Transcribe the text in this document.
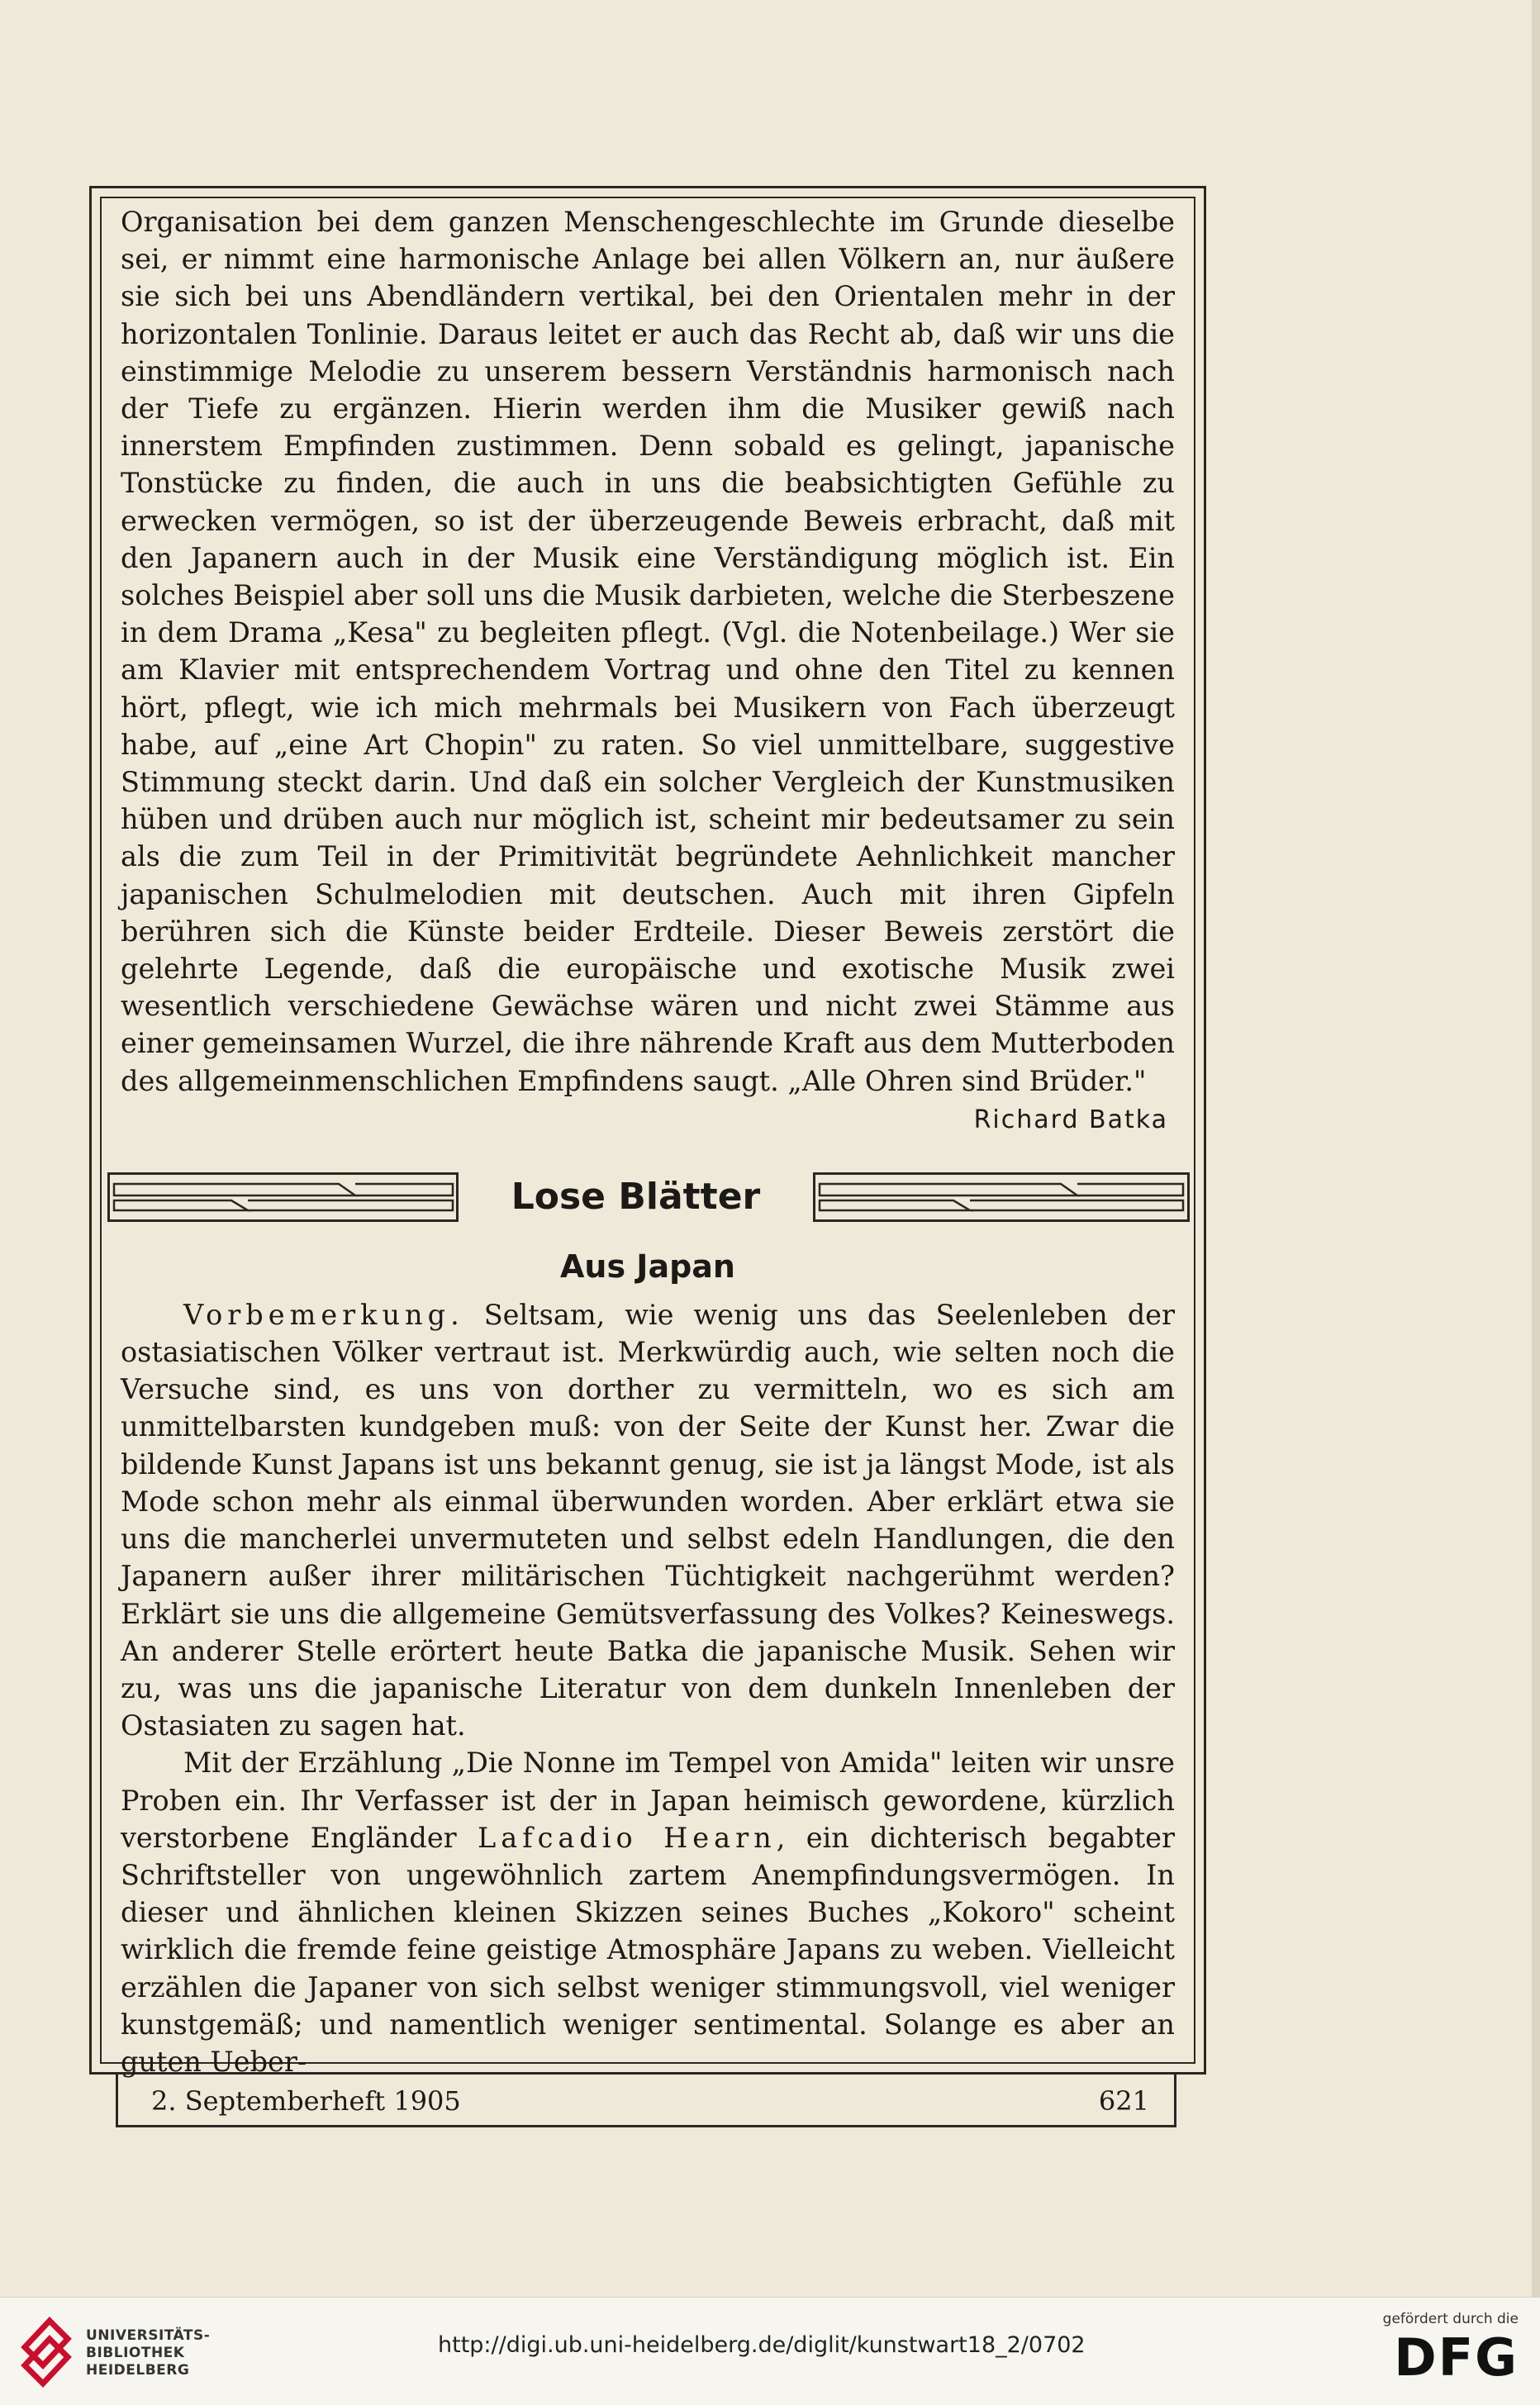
Organisation bei dem ganzen Menschengeschlechte im Grunde dieselbe sei, er nimmt eine harmonische Anlage bei allen Völkern an, nur äußere sie sich bei uns Abendländern vertikal, bei den Orientalen mehr in der horizontalen Tonlinie. Daraus leitet er auch das Recht ab, daß wir uns die einstimmige Melodie zu unserem bessern Verständnis harmonisch nach der Tiefe zu ergänzen. Hierin werden ihm die Musiker gewiß nach innerstem Empfinden zustimmen. Denn sobald es gelingt, japanische Tonstücke zu finden, die auch in uns die beabsichtigten Gefühle zu erwecken vermögen, so ist der überzeugende Beweis erbracht, daß mit den Japanern auch in der Musik eine Verständigung möglich ist. Ein solches Beispiel aber soll uns die Musik darbieten, welche die Sterbeszene in dem Drama „Kesa" zu begleiten pflegt. (Vgl. die Notenbeilage.) Wer sie am Klavier mit entsprechendem Vortrag und ohne den Titel zu kennen hört, pflegt, wie ich mich mehrmals bei Musikern von Fach überzeugt habe, auf „eine Art Chopin" zu raten. So viel unmittelbare, suggestive Stimmung steckt darin. Und daß ein solcher Vergleich der Kunstmusiken hüben und drüben auch nur möglich ist, scheint mir bedeutsamer zu sein als die zum Teil in der Primitivität begründete Aehnlichkeit mancher japanischen Schulmelodien mit deutschen. Auch mit ihren Gipfeln berühren sich die Künste beider Erdteile. Dieser Beweis zerstört die gelehrte Legende, daß die europäische und exotische Musik zwei wesentlich verschiedene Gewächse wären und nicht zwei Stämme aus einer gemeinsamen Wurzel, die ihre nährende Kraft aus dem Mutterboden des allgemeinmenschlichen Empfindens saugt. „Alle Ohren sind Brüder."

Richard Batka
Lose Blätter
Aus Japan

Vorbemerkung. Seltsam, wie wenig uns das Seelenleben der ostasiatischen Völker vertraut ist. Merkwürdig auch, wie selten noch die Versuche sind, es uns von dorther zu vermitteln, wo es sich am unmittelbarsten kundgeben muß: von der Seite der Kunst her. Zwar die bildende Kunst Japans ist uns bekannt genug, sie ist ja längst Mode, ist als Mode schon mehr als einmal überwunden worden. Aber erklärt etwa sie uns die mancherlei unvermuteten und selbst edeln Handlungen, die den Japanern außer ihrer militärischen Tüchtigkeit nachgerühmt werden? Erklärt sie uns die allgemeine Gemütsverfassung des Volkes? Keineswegs. An anderer Stelle erörtert heute Batka die japanische Musik. Sehen wir zu, was uns die japanische Literatur von dem dunkeln Innenleben der Ostasiaten zu sagen hat.

Mit der Erzählung „Die Nonne im Tempel von Amida" leiten wir unsre Proben ein. Ihr Verfasser ist der in Japan heimisch gewordene, kürzlich verstorbene Engländer Lafcadio Hearn, ein dichterisch begabter Schriftsteller von ungewöhnlich zartem Anempfindungsvermögen. In dieser und ähnlichen kleinen Skizzen seines Buches „Kokoro" scheint wirklich die fremde feine geistige Atmosphäre Japans zu weben. Vielleicht erzählen die Japaner von sich selbst weniger stimmungsvoll, viel weniger kunstgemäß; und namentlich weniger sentimental. Solange es aber an guten Ueber-

2. Septemberheft 1905	621
UNIVERSITÄTS-
BIBLIOTHEK
HEIDELBERG
http://digi.ub.uni-heidelberg.de/diglit/kunstwart18_2/0702
gefördert durch die
DFG
